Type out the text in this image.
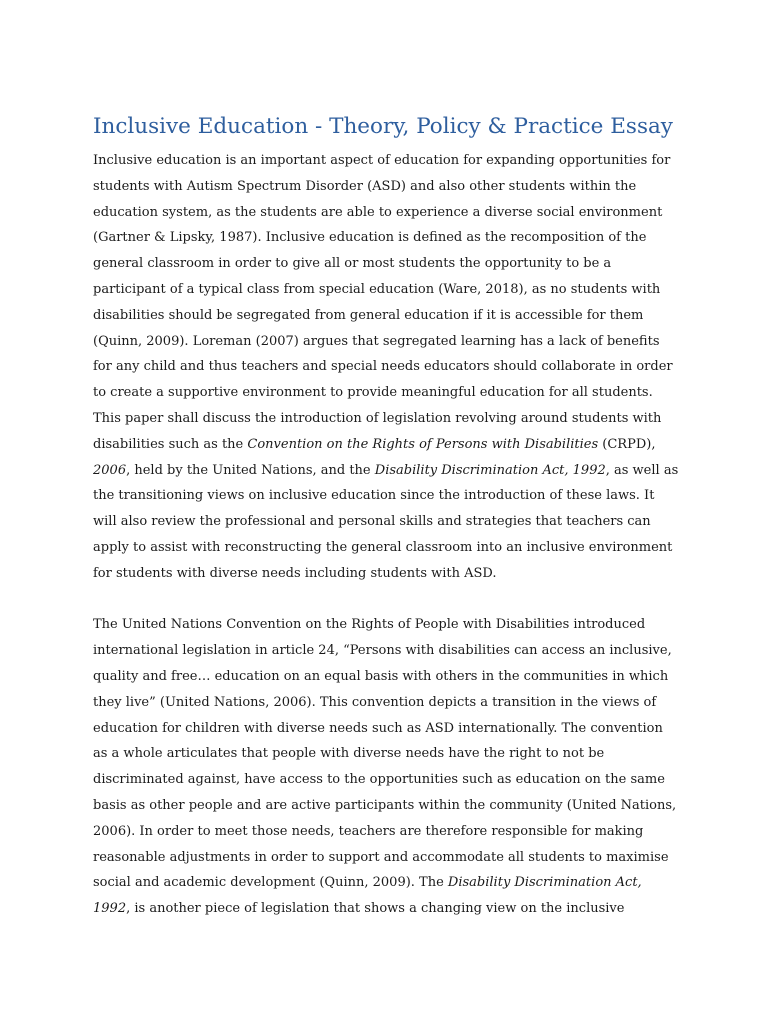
Inclusive Education - Theory, Policy & Practice Essay

Inclusive education is an important aspect of education for expanding opportunities for students with Autism Spectrum Disorder (ASD) and also other students within the education system, as the students are able to experience a diverse social environment (Gartner & Lipsky, 1987). Inclusive education is defined as the recomposition of the general classroom in order to give all or most students the opportunity to be a participant of a typical class from special education (Ware, 2018), as no students with disabilities should be segregated from general education if it is accessible for them (Quinn, 2009). Loreman (2007) argues that segregated learning has a lack of benefits for any child and thus teachers and special needs educators should collaborate in order to create a supportive environment to provide meaningful education for all students. This paper shall discuss the introduction of legislation revolving around students with disabilities such as the Convention on the Rights of Persons with Disabilities (CRPD), 2006, held by the United Nations, and the Disability Discrimination Act, 1992, as well as the transitioning views on inclusive education since the introduction of these laws. It will also review the professional and personal skills and strategies that teachers can apply to assist with reconstructing the general classroom into an inclusive environment for students with diverse needs including students with ASD.

The United Nations Convention on the Rights of People with Disabilities introduced international legislation in article 24, “Persons with disabilities can access an inclusive, quality and free… education on an equal basis with others in the communities in which they live” (United Nations, 2006). This convention depicts a transition in the views of education for children with diverse needs such as ASD internationally. The convention as a whole articulates that people with diverse needs have the right to not be discriminated against, have access to the opportunities such as education on the same basis as other people and are active participants within the community (United Nations, 2006). In order to meet those needs, teachers are therefore responsible for making reasonable adjustments in order to support and accommodate all students to maximise social and academic development (Quinn, 2009). The Disability Discrimination Act, 1992, is another piece of legislation that shows a changing view on the inclusive
